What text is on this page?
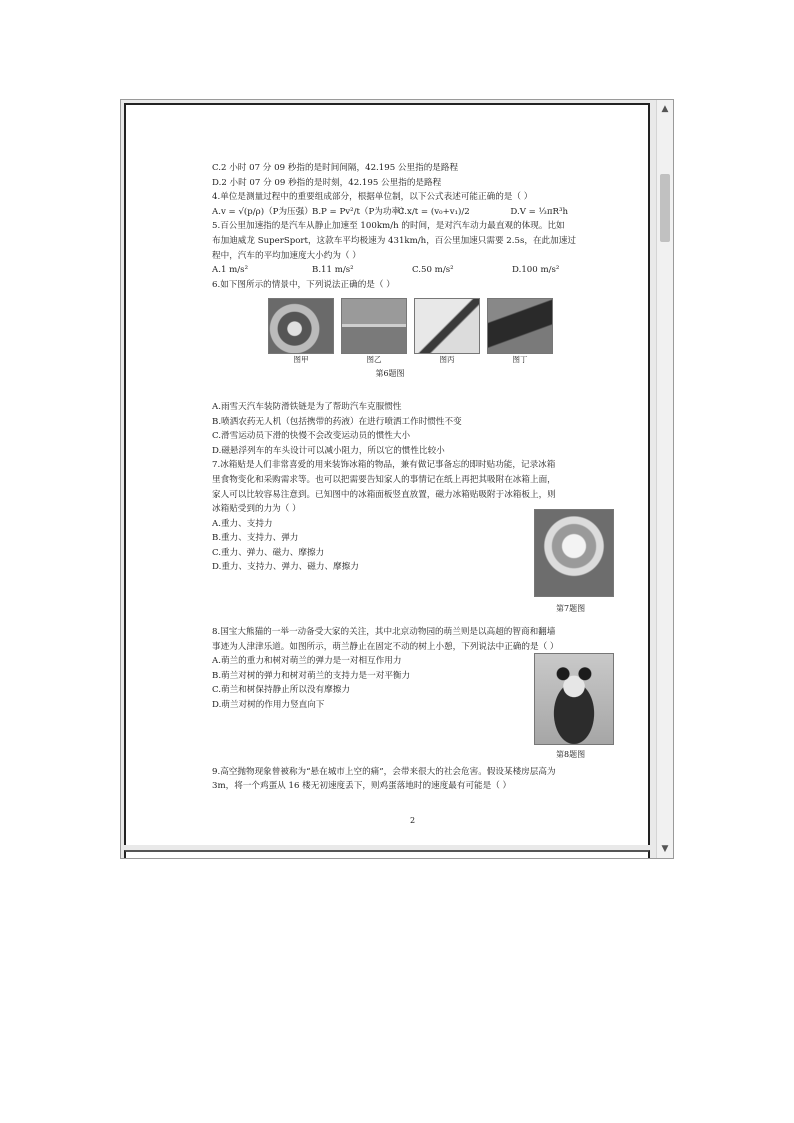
C.2 小时 07 分 09 秒指的是时间间隔，42.195 公里指的是路程
D.2 小时 07 分 09 秒指的是时刻，42.195 公里指的是路程
4.单位是测量过程中的重要组成部分，根据单位制，以下公式表述可能正确的是（ ）
A.v = √(p/ρ)（P为压强） B.P = Pv²/t（P为功率）
C.x/t = (v₀+v₁)/2	D.V = ⅓πR³h
5.百公里加速指的是汽车从静止加速至 100km/h 的时间，是对汽车动力最直观的体现。比如
布加迪威龙 SuperSport，这款车平均极速为 431km/h，百公里加速只需要 2.5s，在此加速过
程中，汽车的平均加速度大小约为（ ）
A.1 m/s²	B.11 m/s²	C.50 m/s²	D.100 m/s²
6.如下图所示的情景中，下列说法正确的是（ ）
图甲	图乙	图丙	图丁
第6题图
A.雨雪天汽车装防滑铁链是为了帮助汽车克服惯性
B.喷洒农药无人机（包括携带的药液）在进行喷洒工作时惯性不变
C.滑雪运动员下滑的快慢不会改变运动员的惯性大小
D.磁悬浮列车的车头设计可以减小阻力，所以它的惯性比较小
7.冰箱贴是人们非常喜爱的用来装饰冰箱的物品，兼有做记事备忘的即时贴功能，记录冰箱
里食物变化和采购需求等。也可以把需要告知家人的事情记在纸上再把其吸附在冰箱上面，
家人可以比较容易注意到。已知图中的冰箱面板竖直放置，磁力冰箱贴吸附于冰箱板上，则
冰箱贴受到的力为（ ）
A.重力、支持力
B.重力、支持力、弹力
C.重力、弹力、磁力、摩擦力
D.重力、支持力、弹力、磁力、摩擦力
8.国宝大熊猫的一举一动备受大家的关注，其中北京动物园的萌兰则是以高超的智商和翻墙
事迹为人津津乐道。如图所示，萌兰静止在固定不动的树上小憩，下列说法中正确的是（ ）
A.萌兰的重力和树对萌兰的弹力是一对相互作用力
B.萌兰对树的弹力和树对萌兰的支持力是一对平衡力
C.萌兰和树保持静止所以没有摩擦力
D.萌兰对树的作用力竖直向下
9.高空抛物现象曾被称为“悬在城市上空的痛”，会带来很大的社会危害。假设某楼房层高为
3m，将一个鸡蛋从 16 楼无初速度丢下，则鸡蛋落地时的速度最有可能是（ ）
第7题图
第8题图
2
▲
▼
